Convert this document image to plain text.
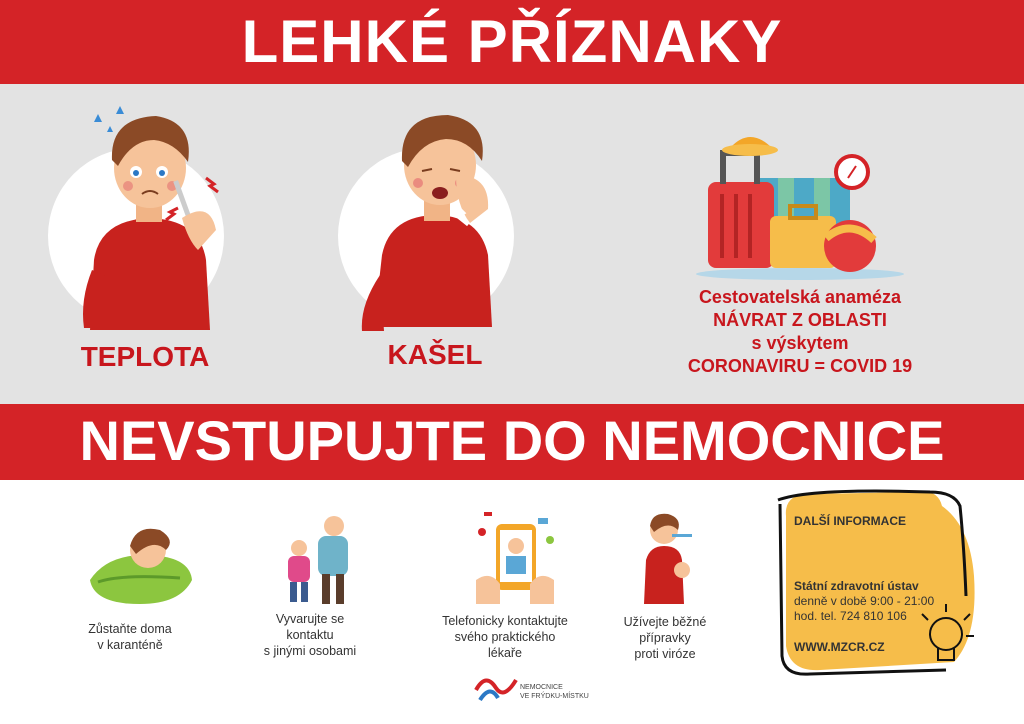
LEHKÉ PŘÍZNAKY
TEPLOTA	KAŠEL
Cestovatelská anaméza
NÁVRAT Z OBLASTI
s výskytem
CORONAVIRU = COVID 19
NEVSTUPUJTE DO NEMOCNICE
Zůstaňte doma
v karanténě
Vyvarujte se
kontaktu
s jinými osobami
Telefonicky kontaktujte
svého praktického
lékaře
Užívejte běžné
přípravky
proti viróze
NEMOCNICE
VE FRÝDKU-MÍSTKU
DALŠÍ INFORMACE
Státní zdravotní ústav
denně v době 9:00 - 21:00
hod. tel. 724 810 106
WWW.MZCR.CZ
